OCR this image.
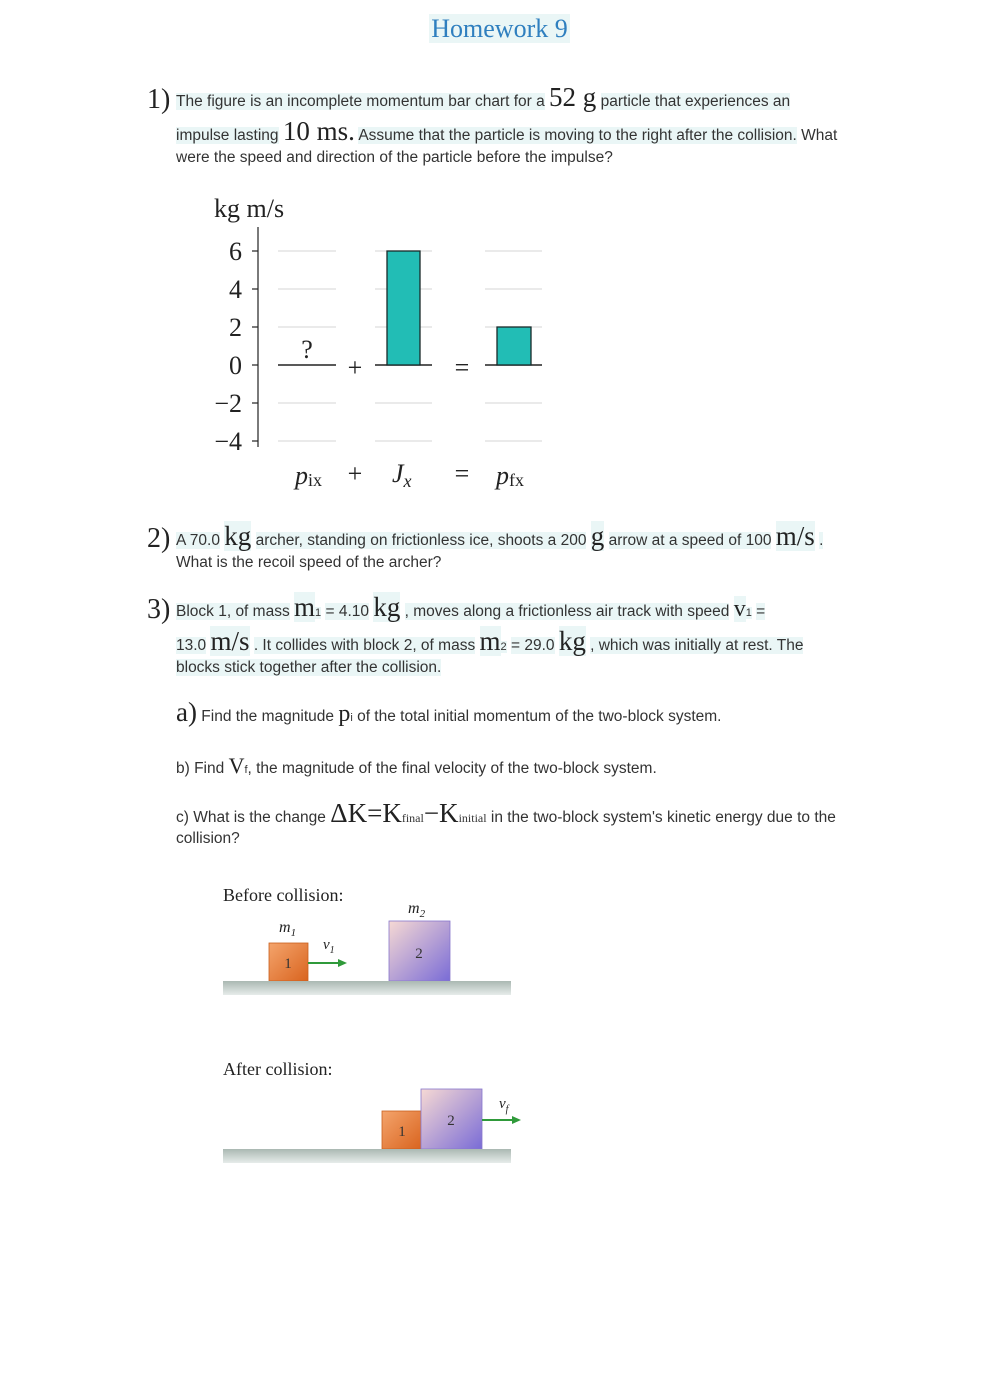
Homework 9
1) The figure is an incomplete momentum bar chart for a 52 g particle that experiences an
impulse lasting 10 ms. Assume that the particle is moving to the right after the collision. What
were the speed and direction of the particle before the impulse?
kg m/s
6
4
2
0
−2
−4
?
+	=
pix + Jx = pfx
2) A 70.0 kg archer, standing on frictionless ice, shoots a 200 g arrow at a speed of 100 m/s .
What is the recoil speed of the archer?
3) Block 1, of mass m1 = 4.10 kg , moves along a frictionless air track with speed v1 =
13.0 m/s . It collides with block 2, of mass m2 = 29.0 kg , which was initially at rest. The
blocks stick together after the collision.
a) Find the magnitude pi of the total initial momentum of the two-block system.
b) Find Vf, the magnitude of the final velocity of the two-block system.
c) What is the change ΔK=Kfinal−Kinitial in the two-block system's kinetic energy due to the
collision?
Before collision:
$m_2$
$m_1$
$v_1$
1
2
After collision:
1
2
$v_f$
